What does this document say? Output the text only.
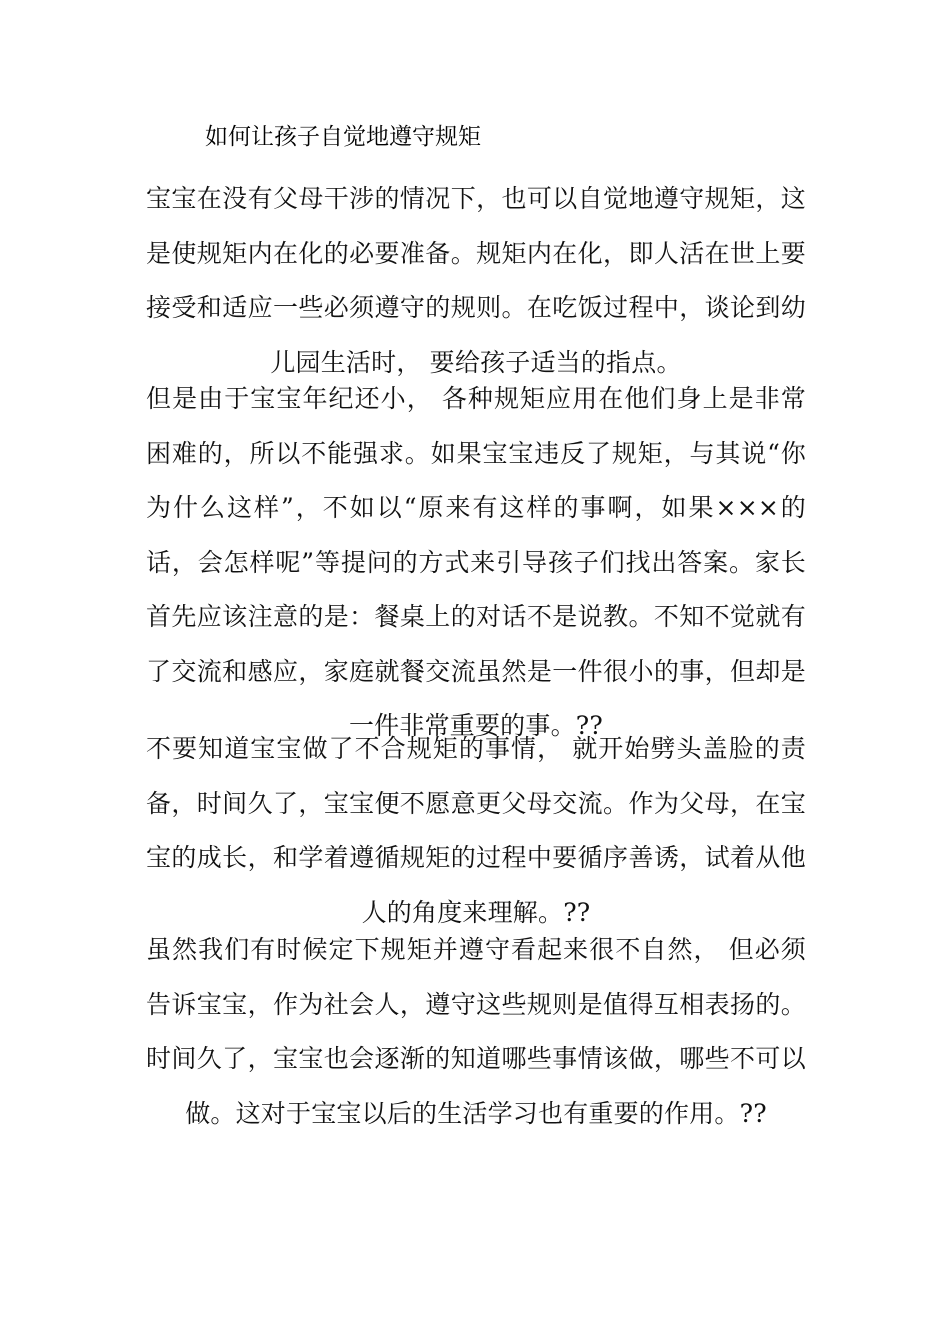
如何让孩子自觉地遵守规矩
宝宝在没有父母干涉的情况下，也可以自觉地遵守规矩，这
是使规矩内在化的必要准备。规矩内在化，即人活在世上要
接受和适应一些必须遵守的规则。在吃饭过程中，谈论到幼
儿园生活时， 要给孩子适当的指点。
但是由于宝宝年纪还小， 各种规矩应用在他们身上是非常
困难的，所以不能强求。如果宝宝违反了规矩，与其说“你
为什么这样”，不如以“原来有这样的事啊，如果×××的
话，会怎样呢”等提问的方式来引导孩子们找出答案。家长
首先应该注意的是：餐桌上的对话不是说教。不知不觉就有
了交流和感应，家庭就餐交流虽然是一件很小的事，但却是
一件非常重要的事。??
不要知道宝宝做了不合规矩的事情， 就开始劈头盖脸的责
备，时间久了，宝宝便不愿意更父母交流。作为父母，在宝
宝的成长，和学着遵循规矩的过程中要循序善诱，试着从他
人的角度来理解。??
虽然我们有时候定下规矩并遵守看起来很不自然， 但必须
告诉宝宝，作为社会人，遵守这些规则是值得互相表扬的。
时间久了，宝宝也会逐渐的知道哪些事情该做，哪些不可以
做。这对于宝宝以后的生活学习也有重要的作用。??
